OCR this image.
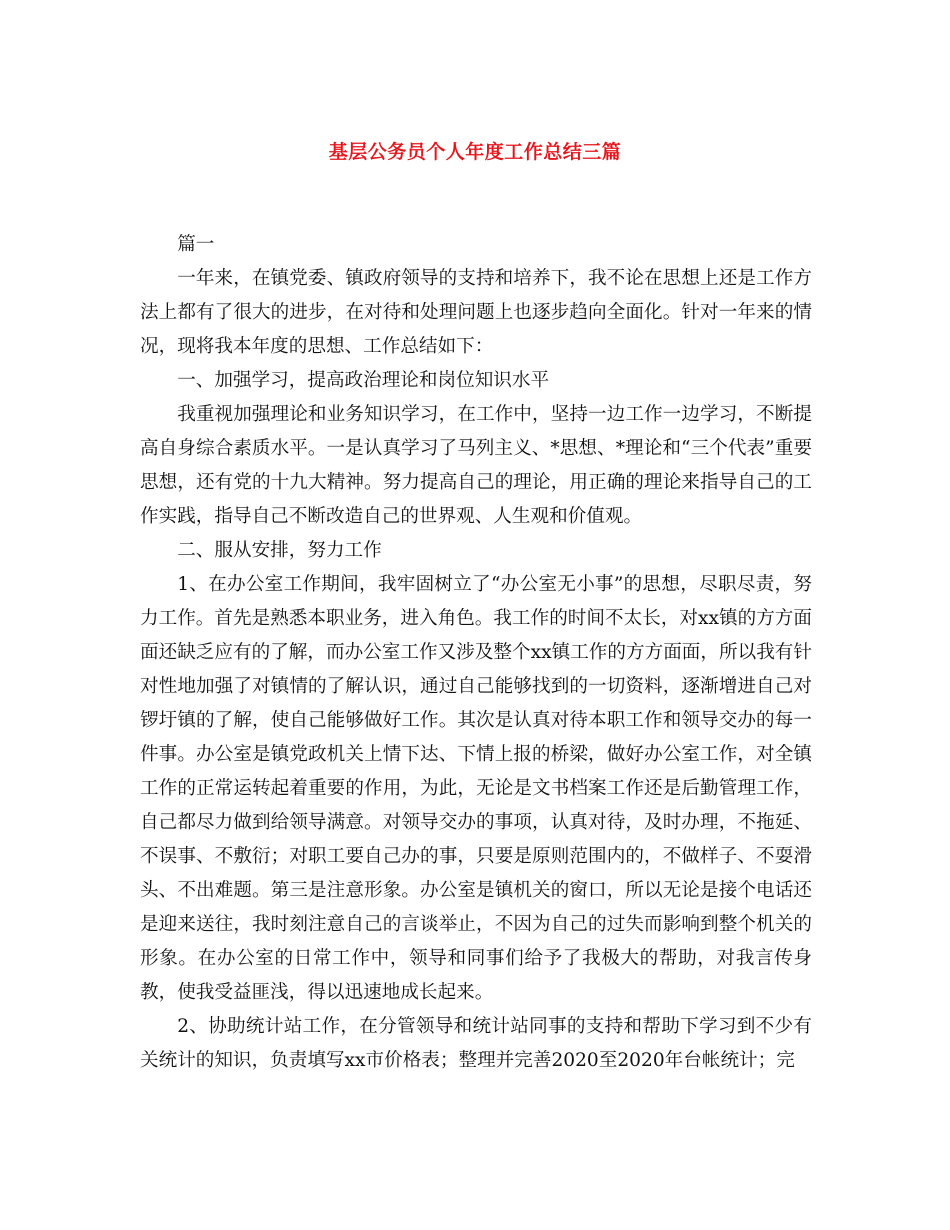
基层公务员个人年度工作总结三篇

篇一

一年来，在镇党委、镇政府领导的支持和培养下，我不论在思想上还是工作方法上都有了很大的进步，在对待和处理问题上也逐步趋向全面化。针对一年来的情况，现将我本年度的思想、工作总结如下：

一、加强学习，提高政治理论和岗位知识水平

我重视加强理论和业务知识学习，在工作中，坚持一边工作一边学习，不断提高自身综合素质水平。一是认真学习了马列主义、*思想、*理论和“三个代表”重要思想，还有党的十九大精神。努力提高自己的理论，用正确的理论来指导自己的工作实践，指导自己不断改造自己的世界观、人生观和价值观。

二、服从安排，努力工作

1、在办公室工作期间，我牢固树立了“办公室无小事”的思想，尽职尽责，努力工作。首先是熟悉本职业务，进入角色。我工作的时间不太长，对xx镇的方方面面还缺乏应有的了解，而办公室工作又涉及整个xx镇工作的方方面面，所以我有针对性地加强了对镇情的了解认识，通过自己能够找到的一切资料，逐渐增进自己对锣圩镇的了解，使自己能够做好工作。其次是认真对待本职工作和领导交办的每一件事。办公室是镇党政机关上情下达、下情上报的桥梁，做好办公室工作，对全镇工作的正常运转起着重要的作用，为此，无论是文书档案工作还是后勤管理工作，自己都尽力做到给领导满意。对领导交办的事项，认真对待，及时办理，不拖延、不误事、不敷衍；对职工要自己办的事，只要是原则范围内的，不做样子、不耍滑头、不出难题。第三是注意形象。办公室是镇机关的窗口，所以无论是接个电话还是迎来送往，我时刻注意自己的言谈举止，不因为自己的过失而影响到整个机关的形象。在办公室的日常工作中，领导和同事们给予了我极大的帮助，对我言传身教，使我受益匪浅，得以迅速地成长起来。

2、协助统计站工作，在分管领导和统计站同事的支持和帮助下学习到不少有关统计的知识，负责填写xx市价格表；整理并完善2020至2020年台帐统计；完
